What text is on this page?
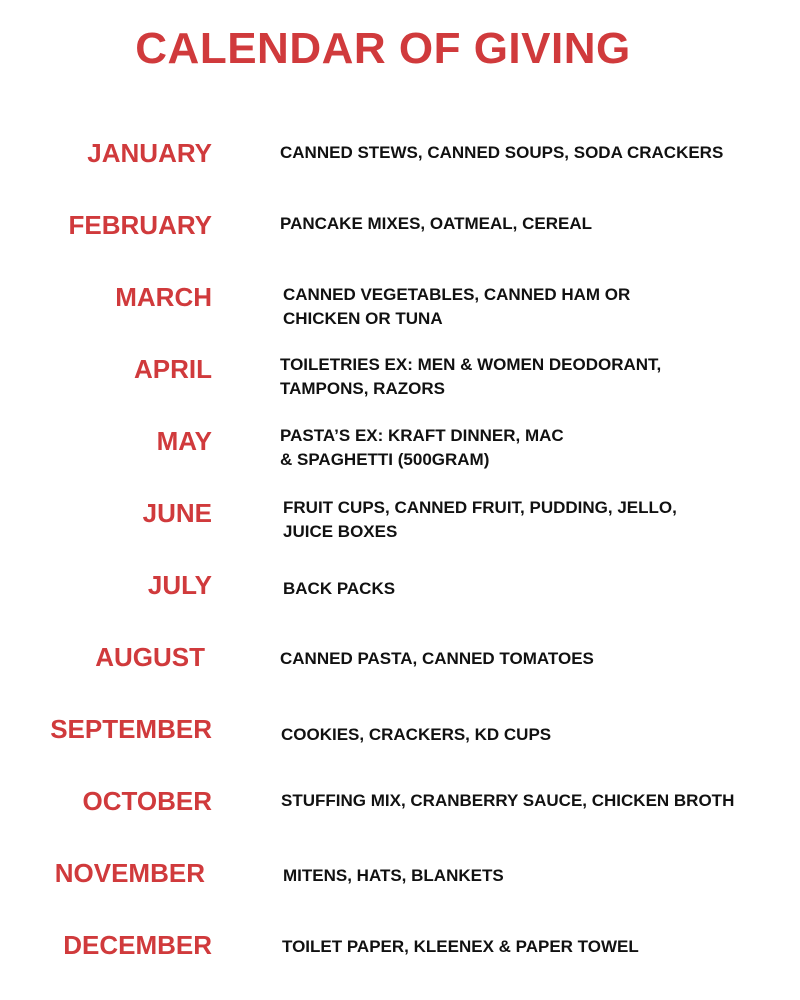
CALENDAR OF GIVING
JANUARY	CANNED STEWS, CANNED SOUPS, SODA CRACKERS
FEBRUARY	PANCAKE MIXES, OATMEAL, CEREAL
MARCH	CANNED VEGETABLES, CANNED HAM OR
CHICKEN OR TUNA
APRIL	TOILETRIES EX: MEN & WOMEN DEODORANT,
TAMPONS, RAZORS
MAY	PASTA’S EX: KRAFT DINNER, MAC
& SPAGHETTI (500GRAM)
JUNE	FRUIT CUPS, CANNED FRUIT, PUDDING, JELLO,
JUICE BOXES
JULY	BACK PACKS
AUGUST	CANNED PASTA, CANNED TOMATOES
SEPTEMBER	COOKIES, CRACKERS, KD CUPS
OCTOBER	STUFFING MIX, CRANBERRY SAUCE, CHICKEN BROTH
NOVEMBER	MITENS, HATS, BLANKETS
DECEMBER	TOILET PAPER, KLEENEX & PAPER TOWEL
